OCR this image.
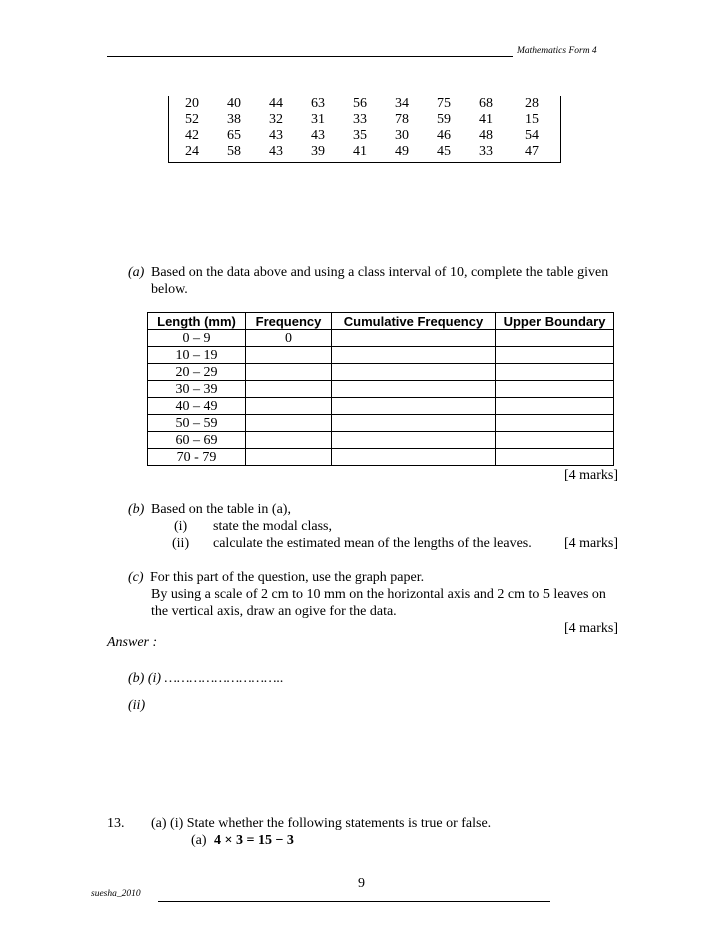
Mathematics Form 4
20	40	44	63	56	34	75	68	28
52	38	32	31	33	78	59	41	15
42	65	43	43	35	30	46	48	54
24	58	43	39	41	49	45	33	47
(a) Based on the data above and using a class interval of 10, complete the table given
below.
Length (mm)	Frequency	Cumulative Frequency	Upper Boundary
0 – 9	0		
10 – 19			
20 – 29			
30 – 39			
40 – 49			
50 – 59			
60 – 69			
70 - 79			
[4 marks]
(b) Based on the table in (a),
(i) state the modal class,
(ii) calculate the estimated mean of the lengths of the leaves. [4 marks]
(c) For this part of the question, use the graph paper.
By using a scale of 2 cm to 10 mm on the horizontal axis and 2 cm to 5 leaves on
the vertical axis, draw an ogive for the data.
[4 marks]
Answer :
(b) (i) ………………………..
(ii)
13. (a) (i) State whether the following statements is true or false.
(a) 4 × 3 = 15 − 3
9
suesha_2010
